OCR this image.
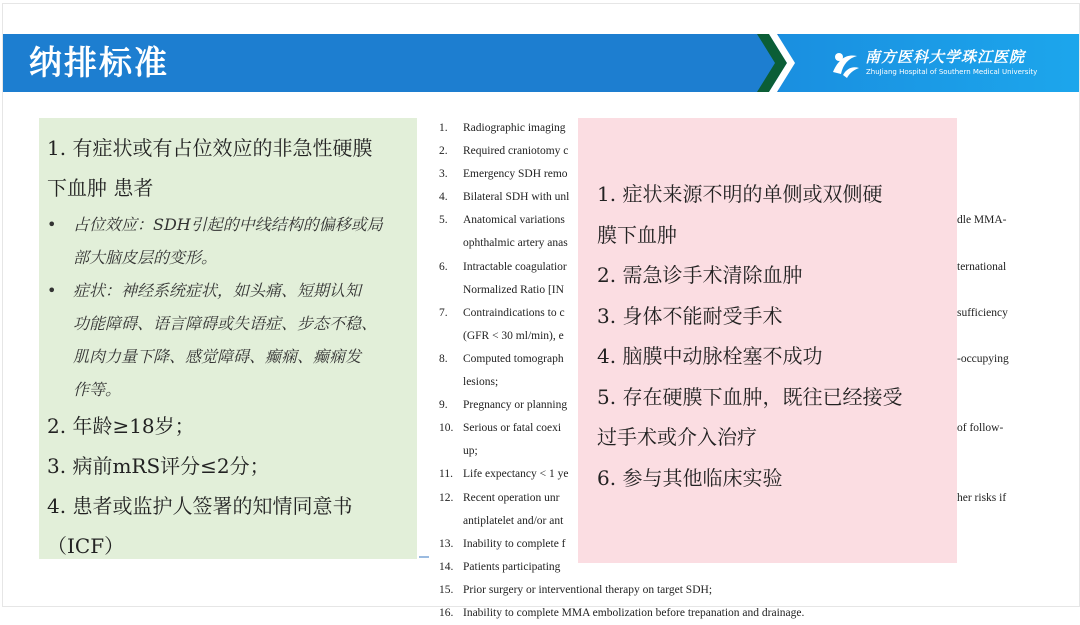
纳排标准	南方医科大学珠江医院
ZhuJiang Hospital of Southern Medical University

1. 有症状或有占位效应的非急性硬膜

下血肿 患者

• 占位效应：SDH引起的中线结构的偏移或局
部大脑皮层的变形。
• 症状：神经系统症状，如头痛、短期认知
功能障碍、语言障碍或失语症、步态不稳、
肌肉力量下降、感觉障碍、癫痫、癫痫发
作等。

2. 年龄≥18岁；

3. 病前mRS评分≤2分；

4. 患者或监护人签署的知情同意书

（ICF）

1. Radiographic imaging
2. Required craniotomy c
3. Emergency SDH remo
4. Bilateral SDH with unl
5. Anatomical variations	dle MMA-
ophthalmic artery anas
6. Intractable coagulatior	ternational
Normalized Ratio [IN
7. Contraindications to c	sufficiency
(GFR < 30 ml/min), e
8. Computed tomograph	-occupying
lesions;
9. Pregnancy or planning
10. Serious or fatal coexi	of follow-
up;
11. Life expectancy < 1 ye
12. Recent operation unr	her risks if
antiplatelet and/or ant
13. Inability to complete f
14. Patients participating
15. Prior surgery or interventional therapy on target SDH;
16. Inability to complete MMA embolization before trepanation and drainage.

1. 症状来源不明的单侧或双侧硬

膜下血肿

2. 需急诊手术清除血肿

3. 身体不能耐受手术

4. 脑膜中动脉栓塞不成功

5. 存在硬膜下血肿，既往已经接受

过手术或介入治疗

6. 参与其他临床实验
